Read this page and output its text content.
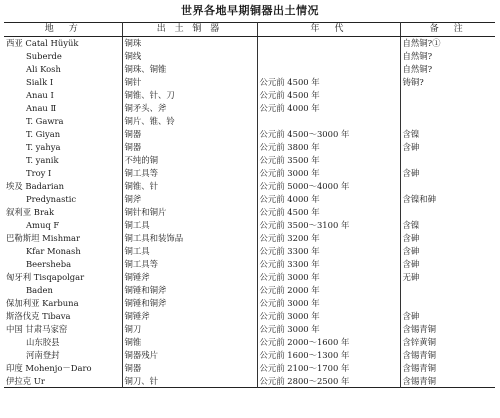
世界各地早期铜器出土情况
地　方	出 土 铜 器	年　代	备　注
西亚 Catal Hüyük	铜珠		自然铜?①
Suberde	铜线		自然铜?
Ali Kosh	铜珠、铜锥		自然铜?
Sialk Ⅰ	铜针	公元前 4500 年	铸铜?
Anau Ⅰ	铜锥、针、刀	公元前 4500 年	
Anau Ⅱ	铜矛头、斧	公元前 4000 年	
T. Gawra	铜片、锥、铃		
T. Giyan	铜器	公元前 4500～3000 年	含镍
T. yahya	铜器	公元前 3800 年	含砷
T. yanik	不纯的铜	公元前 3500 年	
Troy Ⅰ	铜工具等	公元前 3000 年	含砷
埃及 Badarian	铜锥、针	公元前 5000～4000 年	
Predynastic	铜斧	公元前 4000 年	含镍和砷
叙利亚 Brak	铜针和铜片	公元前 4500 年	
Amuq F	铜工具	公元前 3500～3100 年	含镍
巴勒斯坦 Mishmar	铜工具和装饰品	公元前 3200 年	含砷
Kfar Monash	铜工具	公元前 3300 年	含砷
Beersheba	铜工具等	公元前 3300 年	含砷
匈牙利 Tisqapolgar	铜锤斧	公元前 3000 年	无砷
Baden	铜锤和铜斧	公元前 2000 年	
保加利亚 Karbuna	铜锤和铜斧	公元前 3000 年	
斯洛伐克 Tibava	铜锤斧	公元前 3000 年	含砷
中国 甘肃马家窑	铜刀	公元前 3000 年	含锡青铜
山东胶县	铜锥	公元前 2000～1600 年	含锌黄铜
河南登封	铜器残片	公元前 1600～1300 年	含锡青铜
印度 Mohenjo－Daro	铜器	公元前 2100～1700 年	含锡青铜
伊拉克 Ur	铜刀、针	公元前 2800～2500 年	含锡青铜
